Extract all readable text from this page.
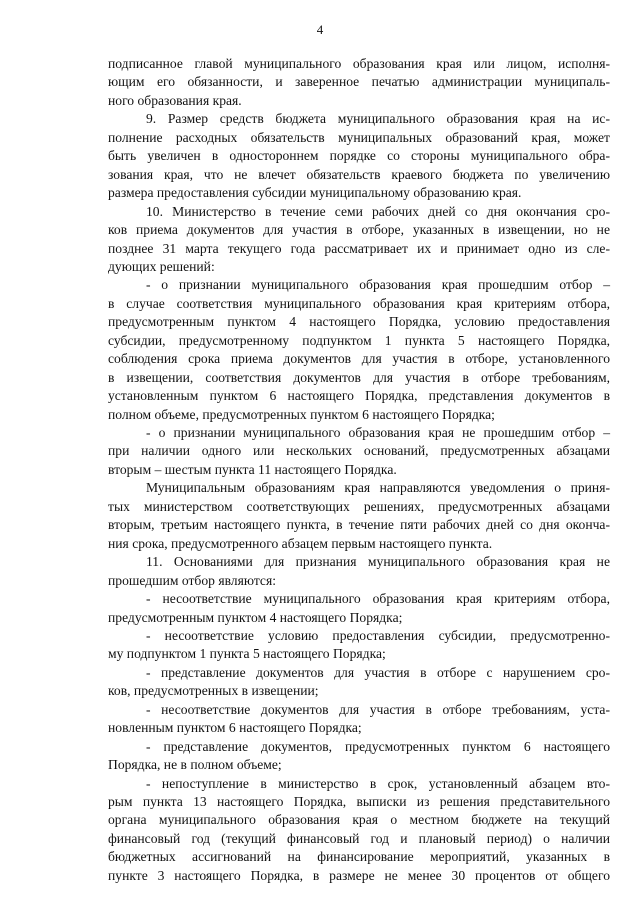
4
подписанное главой муниципального образования края или лицом, исполня-
ющим его обязанности, и заверенное печатью администрации муниципаль-
ного образования края.
9. Размер средств бюджета муниципального образования края на ис-
полнение расходных обязательств муниципальных образований края, может
быть увеличен в одностороннем порядке со стороны муниципального обра-
зования края, что не влечет обязательств краевого бюджета по увеличению
размера предоставления субсидии муниципальному образованию края.
10. Министерство в течение семи рабочих дней со дня окончания сро-
ков приема документов для участия в отборе, указанных в извещении, но не
позднее 31 марта текущего года рассматривает их и принимает одно из сле-
дующих решений:
- о признании муниципального образования края прошедшим отбор –
в случае соответствия муниципального образования края критериям отбора,
предусмотренным пунктом 4 настоящего Порядка, условию предоставления
субсидии, предусмотренному подпунктом 1 пункта 5 настоящего Порядка,
соблюдения срока приема документов для участия в отборе, установленного
в извещении, соответствия документов для участия в отборе требованиям,
установленным пунктом 6 настоящего Порядка, представления документов в
полном объеме, предусмотренных пунктом 6 настоящего Порядка;
- о признании муниципального образования края не прошедшим отбор –
при наличии одного или нескольких оснований, предусмотренных абзацами
вторым – шестым пункта 11 настоящего Порядка.
Муниципальным образованиям края направляются уведомления о приня-
тых министерством соответствующих решениях, предусмотренных абзацами
вторым, третьим настоящего пункта, в течение пяти рабочих дней со дня оконча-
ния срока, предусмотренного абзацем первым настоящего пункта.
11. Основаниями для признания муниципального образования края не
прошедшим отбор являются:
- несоответствие муниципального образования края критериям отбора,
предусмотренным пунктом 4 настоящего Порядка;
- несоответствие условию предоставления субсидии, предусмотренно-
му подпунктом 1 пункта 5 настоящего Порядка;
- представление документов для участия в отборе с нарушением сро-
ков, предусмотренных в извещении;
- несоответствие документов для участия в отборе требованиям, уста-
новленным пунктом 6 настоящего Порядка;
- представление документов, предусмотренных пунктом 6 настоящего
Порядка, не в полном объеме;
- непоступление в министерство в срок, установленный абзацем вто-
рым пункта 13 настоящего Порядка, выписки из решения представительного
органа муниципального образования края о местном бюджете на текущий
финансовый год (текущий финансовый год и плановый период) о наличии
бюджетных ассигнований на финансирование мероприятий, указанных в
пункте 3 настоящего Порядка, в размере не менее 30 процентов от общего
